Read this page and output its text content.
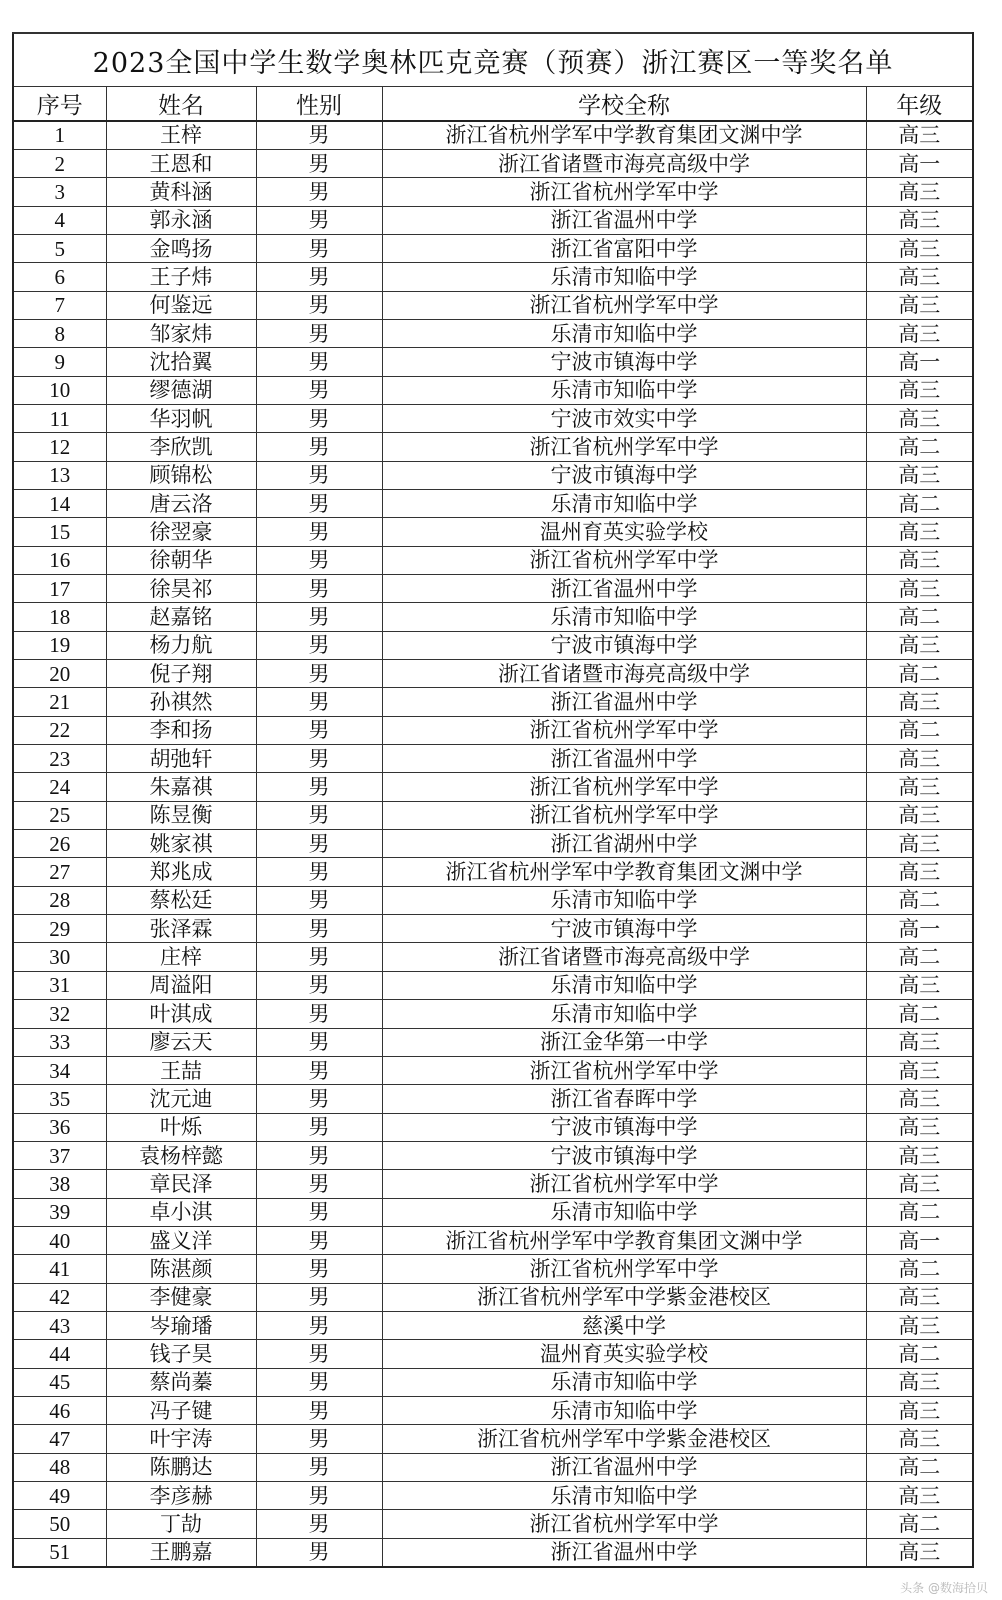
2023全国中学生数学奥林匹克竞赛（预赛）浙江赛区一等奖名单				
序号	姓名	性别	学校全称	年级
1	王梓	男	浙江省杭州学军中学教育集团文渊中学	高三
2	王恩和	男	浙江省诸暨市海亮高级中学	高一
3	黄科涵	男	浙江省杭州学军中学	高三
4	郭永涵	男	浙江省温州中学	高三
5	金鸣扬	男	浙江省富阳中学	高三
6	王子炜	男	乐清市知临中学	高三
7	何鉴远	男	浙江省杭州学军中学	高三
8	邹家炜	男	乐清市知临中学	高三
9	沈拾翼	男	宁波市镇海中学	高一
10	缪德湖	男	乐清市知临中学	高三
11	华羽帆	男	宁波市效实中学	高三
12	李欣凯	男	浙江省杭州学军中学	高二
13	顾锦松	男	宁波市镇海中学	高三
14	唐云洛	男	乐清市知临中学	高二
15	徐翌豪	男	温州育英实验学校	高三
16	徐朝华	男	浙江省杭州学军中学	高三
17	徐昊祁	男	浙江省温州中学	高三
18	赵嘉铭	男	乐清市知临中学	高二
19	杨力航	男	宁波市镇海中学	高三
20	倪子翔	男	浙江省诸暨市海亮高级中学	高二
21	孙祺然	男	浙江省温州中学	高三
22	李和扬	男	浙江省杭州学军中学	高二
23	胡弛轩	男	浙江省温州中学	高三
24	朱嘉祺	男	浙江省杭州学军中学	高三
25	陈昱衡	男	浙江省杭州学军中学	高三
26	姚家祺	男	浙江省湖州中学	高三
27	郑兆成	男	浙江省杭州学军中学教育集团文渊中学	高三
28	蔡松廷	男	乐清市知临中学	高二
29	张泽霖	男	宁波市镇海中学	高一
30	庄梓	男	浙江省诸暨市海亮高级中学	高二
31	周溢阳	男	乐清市知临中学	高三
32	叶淇成	男	乐清市知临中学	高二
33	廖云天	男	浙江金华第一中学	高三
34	王喆	男	浙江省杭州学军中学	高三
35	沈元迪	男	浙江省春晖中学	高三
36	叶烁	男	宁波市镇海中学	高三
37	袁杨梓懿	男	宁波市镇海中学	高三
38	章民泽	男	浙江省杭州学军中学	高三
39	卓小淇	男	乐清市知临中学	高二
40	盛义洋	男	浙江省杭州学军中学教育集团文渊中学	高一
41	陈湛颜	男	浙江省杭州学军中学	高二
42	李健豪	男	浙江省杭州学军中学紫金港校区	高三
43	岑瑜璠	男	慈溪中学	高三
44	钱子昊	男	温州育英实验学校	高二
45	蔡尚蓁	男	乐清市知临中学	高三
46	冯子键	男	乐清市知临中学	高三
47	叶宇涛	男	浙江省杭州学军中学紫金港校区	高三
48	陈鹏达	男	浙江省温州中学	高二
49	李彦赫	男	乐清市知临中学	高三
50	丁劼	男	浙江省杭州学军中学	高二
51	王鹏嘉	男	浙江省温州中学	高三
头条 @数海拾贝
